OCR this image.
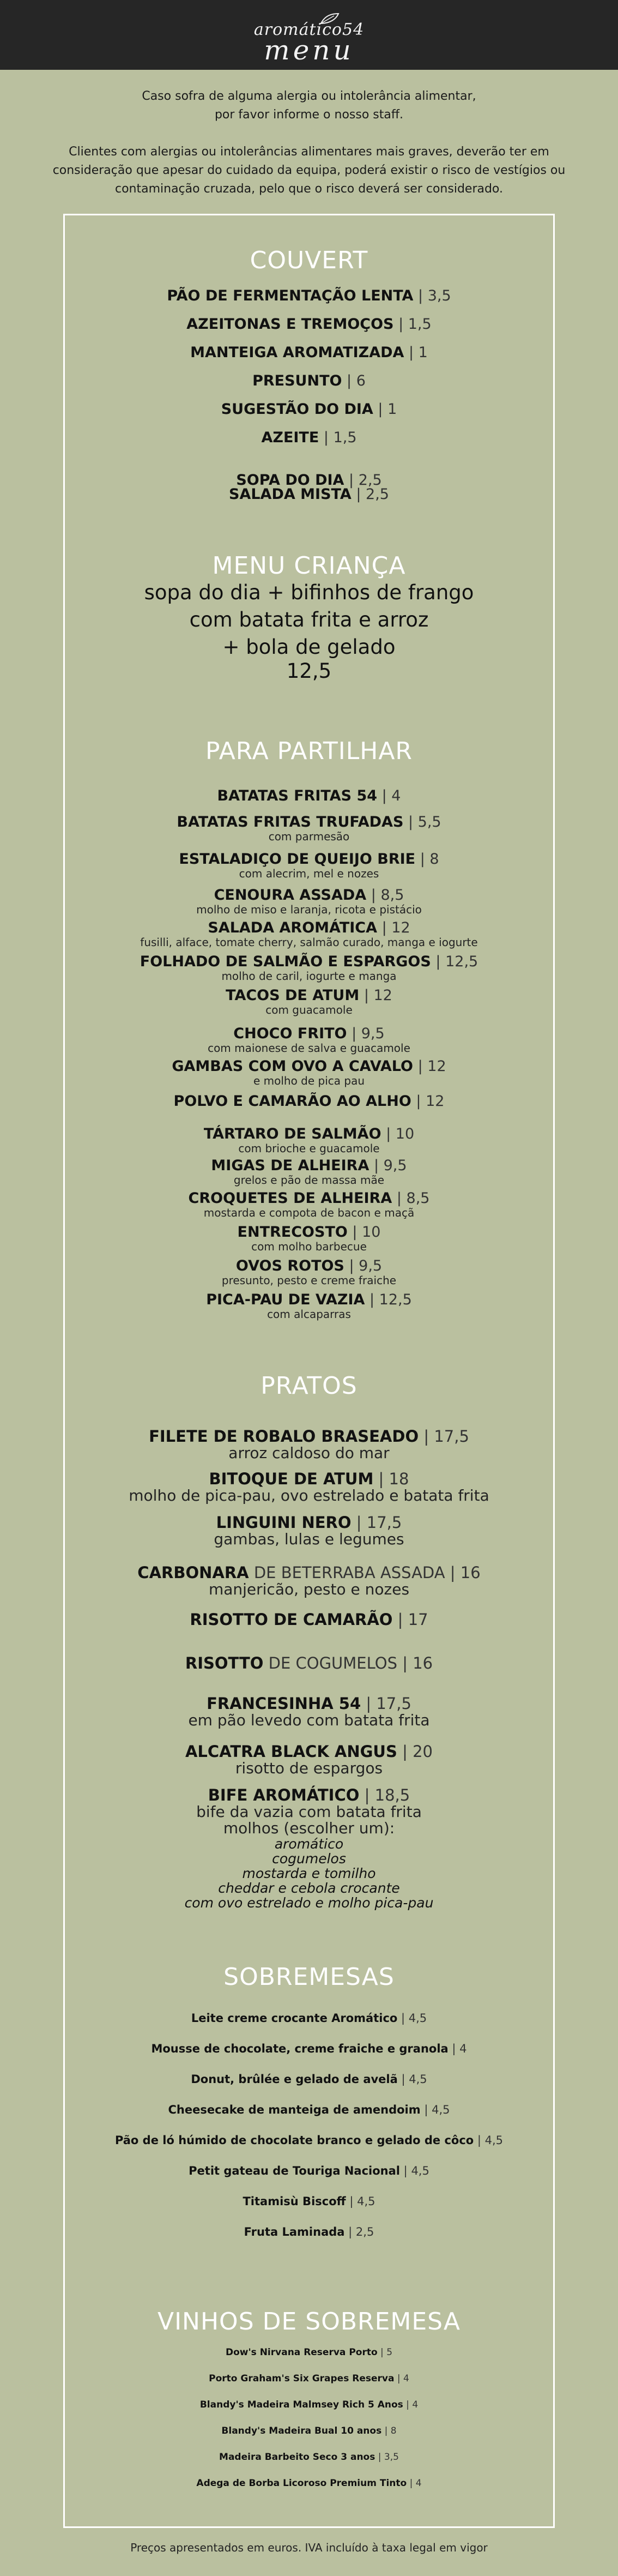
aromático54
menu

Caso sofra de alguma alergia ou intolerância alimentar,
por favor informe o nosso staff.

Clientes com alergias ou intolerâncias alimentares mais graves, deverão ter em
consideração que apesar do cuidado da equipa, poderá existir o risco de vestígios ou
contaminação cruzada, pelo que o risco deverá ser considerado.

COUVERT
PÃO DE FERMENTAÇÃO LENTA | 3,5
AZEITONAS E TREMOÇOS | 1,5
MANTEIGA AROMATIZADA | 1
PRESUNTO | 6
SUGESTÃO DO DIA | 1
AZEITE | 1,5
SOPA DO DIA | 2,5
SALADA MISTA | 2,5
MENU CRIANÇA
sopa do dia + bifinhos de frango
com batata frita e arroz
+ bola de gelado
12,5
PARA PARTILHAR
BATATAS FRITAS 54 | 4
BATATAS FRITAS TRUFADAS | 5,5
com parmesão
ESTALADIÇO DE QUEIJO BRIE | 8
com alecrim, mel e nozes
CENOURA ASSADA | 8,5
molho de miso e laranja, ricota e pistácio
SALADA AROMÁTICA | 12
fusilli, alface, tomate cherry, salmão curado, manga e iogurte
FOLHADO DE SALMÃO E ESPARGOS | 12,5
molho de caril, iogurte e manga
TACOS DE ATUM | 12
com guacamole
CHOCO FRITO | 9,5
com maionese de salva e guacamole
GAMBAS COM OVO A CAVALO | 12
e molho de pica pau
POLVO E CAMARÃO AO ALHO | 12
TÁRTARO DE SALMÃO | 10
com brioche e guacamole
MIGAS DE ALHEIRA | 9,5
grelos e pão de massa mãe
CROQUETES DE ALHEIRA | 8,5
mostarda e compota de bacon e maçã
ENTRECOSTO | 10
com molho barbecue
OVOS ROTOS | 9,5
presunto, pesto e creme fraiche
PICA-PAU DE VAZIA | 12,5
com alcaparras
PRATOS
FILETE DE ROBALO BRASEADO | 17,5
arroz caldoso do mar
BITOQUE DE ATUM | 18
molho de pica-pau, ovo estrelado e batata frita
LINGUINI NERO | 17,5
gambas, lulas e legumes
CARBONARA DE BETERRABA ASSADA | 16
manjericão, pesto e nozes
RISOTTO DE CAMARÃO | 17
RISOTTO DE COGUMELOS | 16
FRANCESINHA 54 | 17,5
em pão levedo com batata frita
ALCATRA BLACK ANGUS | 20
risotto de espargos
BIFE AROMÁTICO | 18,5
bife da vazia com batata frita
molhos (escolher um):
aromático
cogumelos
mostarda e tomilho
cheddar e cebola crocante
com ovo estrelado e molho pica-pau
SOBREMESAS
Leite creme crocante Aromático | 4,5
Mousse de chocolate, creme fraiche e granola | 4
Donut, brûlée e gelado de avelã | 4,5
Cheesecake de manteiga de amendoim | 4,5
Pão de ló húmido de chocolate branco e gelado de côco | 4,5
Petit gateau de Touriga Nacional | 4,5
Titamisù Biscoff | 4,5
Fruta Laminada | 2,5
VINHOS DE SOBREMESA
Dow's Nirvana Reserva Porto | 5
Porto Graham's Six Grapes Reserva | 4
Blandy's Madeira Malmsey Rich 5 Anos | 4
Blandy's Madeira Bual 10 anos | 8
Madeira Barbeito Seco 3 anos | 3,5
Adega de Borba Licoroso Premium Tinto | 4
Preços apresentados em euros. IVA incluído à taxa legal em vigor
